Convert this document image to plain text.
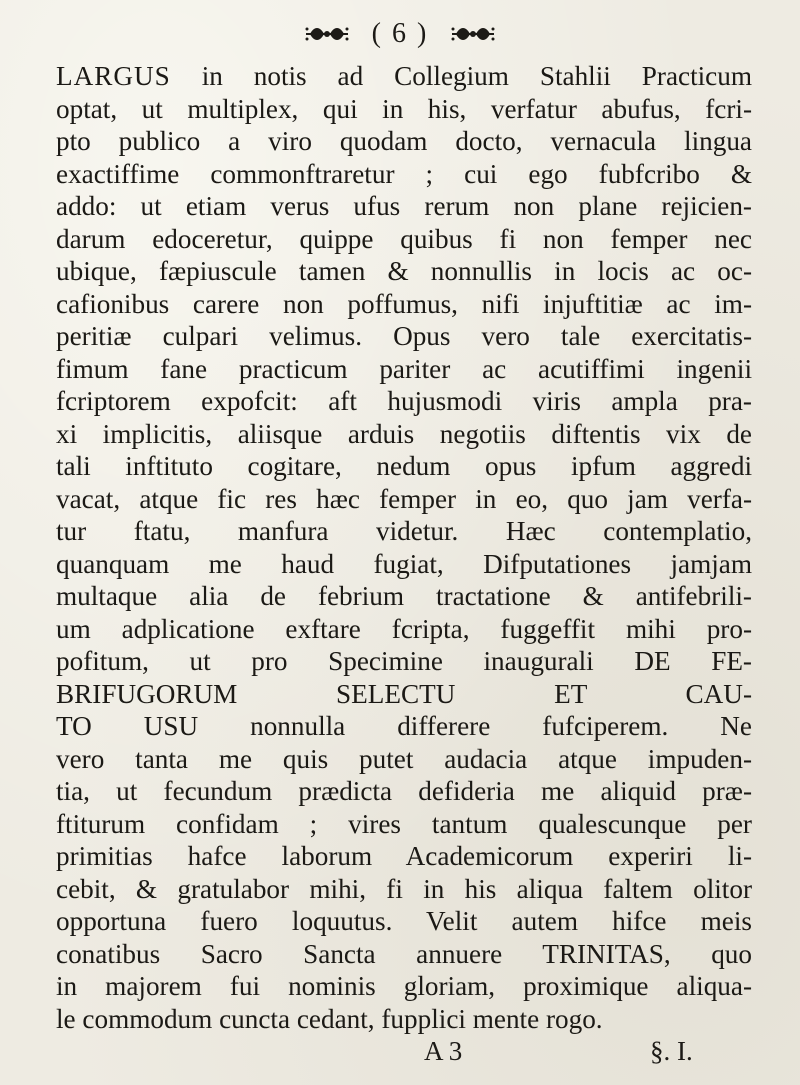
( 6 )
LARGUS in notis ad Collegium Stahlii Practicum
optat, ut multiplex, qui in his, verfatur abufus, fcri-
pto publico a viro quodam docto, vernacula lingua
exactiffime commonftraretur ; cui ego fubfcribo &
addo: ut etiam verus ufus rerum non plane rejicien-
darum edoceretur, quippe quibus fi non femper nec
ubique, fæpiuscule tamen & nonnullis in locis ac oc-
cafionibus carere non poffumus, nifi injuftitiæ ac im-
peritiæ culpari velimus. Opus vero tale exercitatis-
fimum fane practicum pariter ac acutiffimi ingenii
fcriptorem expofcit: aft hujusmodi viris ampla pra-
xi implicitis, aliisque arduis negotiis diftentis vix de
tali inftituto cogitare, nedum opus ipfum aggredi
vacat, atque fic res hæc femper in eo, quo jam verfa-
tur ftatu, manfura videtur. Hæc contemplatio,
quanquam me haud fugiat, Difputationes jamjam
multaque alia de febrium tractatione & antifebrili-
um adplicatione exftare fcripta, fuggeffit mihi pro-
pofitum, ut pro Specimine inaugurali DE FE-
BRIFUGORUM SELECTU ET CAU-
TO USU nonnulla differere fufciperem. Ne
vero tanta me quis putet audacia atque impuden-
tia, ut fecundum prædicta defideria me aliquid præ-
ftiturum confidam ; vires tantum qualescunque per
primitias hafce laborum Academicorum experiri li-
cebit, & gratulabor mihi, fi in his aliqua faltem olitor
opportuna fuero loquutus. Velit autem hifce meis
conatibus Sacro Sancta annuere TRINITAS, quo
in majorem fui nominis gloriam, proximique aliqua-
le commodum cuncta cedant, fupplici mente rogo.
A 3	§. I.
